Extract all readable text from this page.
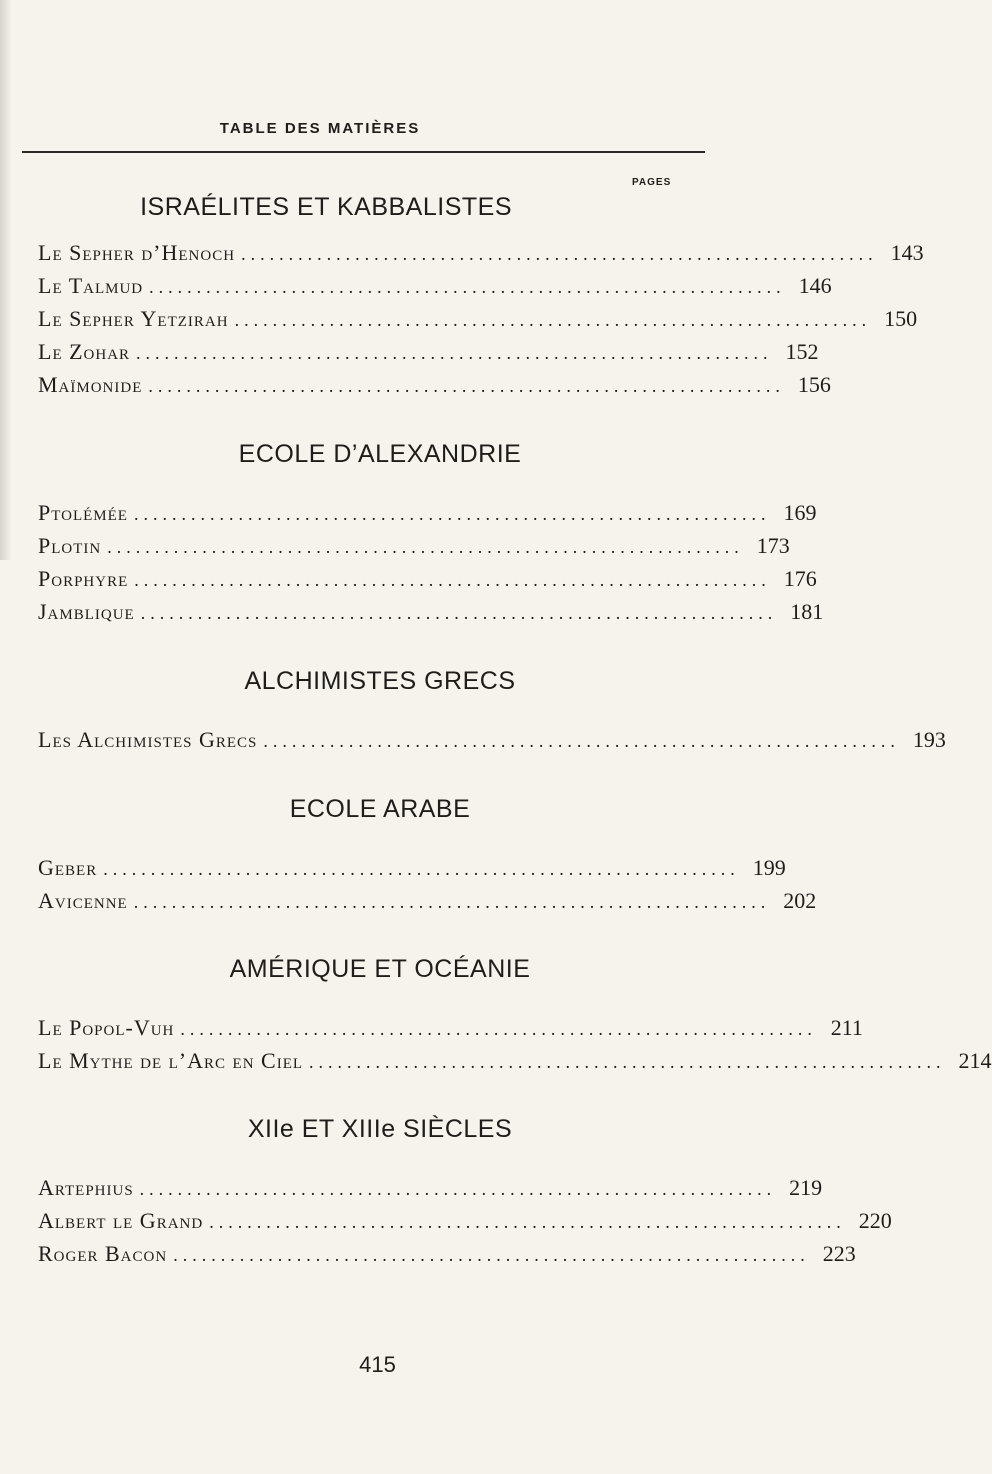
TABLE DES MATIÈRES
PAGES
ISRAÉLITES ET KABBALISTES
Le Sepher d’Henoch ................................................................... 143
Le Talmud ................................................................... 146
Le Sepher Yetzirah ................................................................... 150
Le Zohar ................................................................... 152
Maïmonide ................................................................... 156
ECOLE D’ALEXANDRIE
Ptolémée ................................................................... 169
Plotin ................................................................... 173
Porphyre ................................................................... 176
Jamblique ................................................................... 181
ALCHIMISTES GRECS
Les Alchimistes Grecs ................................................................... 193
ECOLE ARABE
Geber ................................................................... 199
Avicenne ................................................................... 202
AMÉRIQUE ET OCÉANIE
Le Popol-Vuh ................................................................... 211
Le Mythe de l’Arc en Ciel ................................................................... 214
XIIe ET XIIIe SIÈCLES
Artephius ................................................................... 219
Albert le Grand ................................................................... 220
Roger Bacon ................................................................... 223
415
